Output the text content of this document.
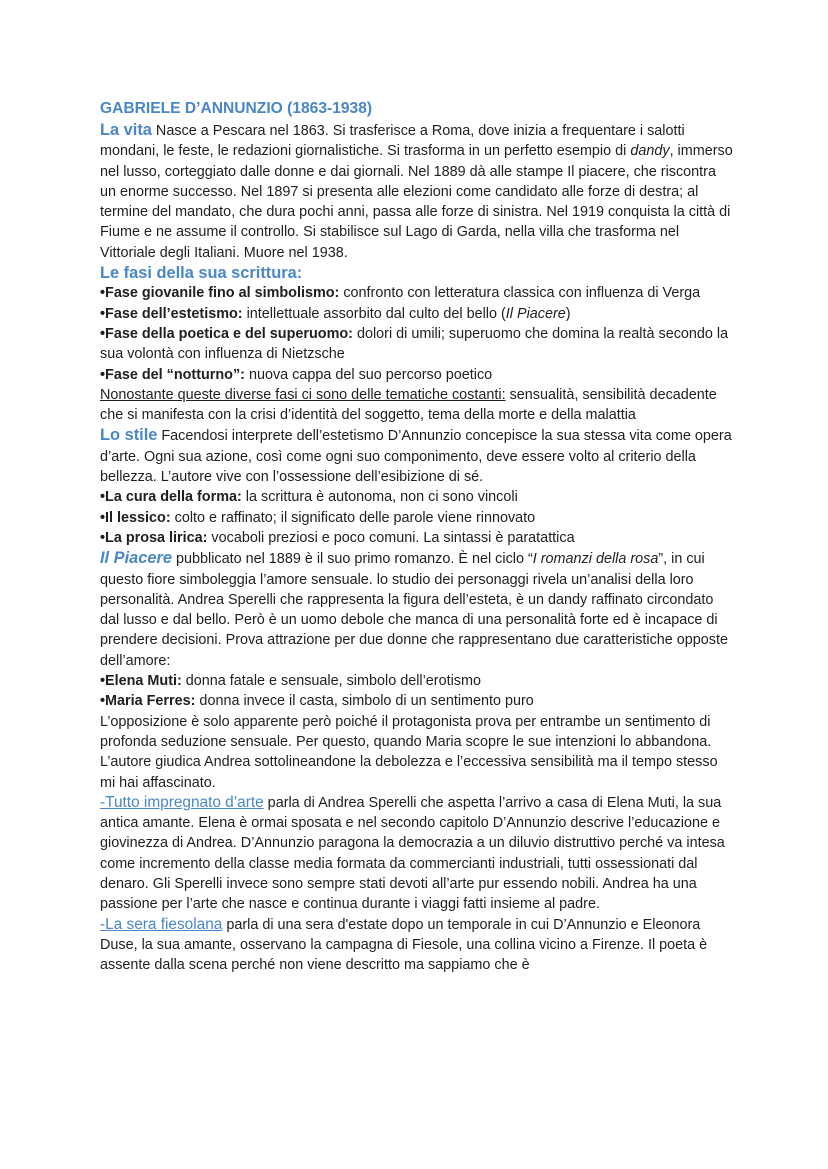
GABRIELE D’ANNUNZIO (1863-1938)

La vita Nasce a Pescara nel 1863. Si trasferisce a Roma, dove inizia a frequentare i salotti mondani, le feste, le redazioni giornalistiche. Si trasforma in un perfetto esempio di dandy, immerso nel lusso, corteggiato dalle donne e dai giornali. Nel 1889 dà alle stampe Il piacere, che riscontra un enorme successo. Nel 1897 si presenta alle elezioni come candidato alle forze di destra; al termine del mandato, che dura pochi anni, passa alle forze di sinistra. Nel 1919 conquista la città di Fiume e ne assume il controllo. Si stabilisce sul Lago di Garda, nella villa che trasforma nel Vittoriale degli Italiani. Muore nel 1938.

Le fasi della sua scrittura:

•Fase giovanile fino al simbolismo: confronto con letteratura classica con influenza di Verga

•Fase dell’estetismo: intellettuale assorbito dal culto del bello (Il Piacere)

•Fase della poetica e del superuomo: dolori di umili; superuomo che domina la realtà secondo la sua volontà con influenza di Nietzsche

•Fase del “notturno”: nuova cappa del suo percorso poetico

Nonostante queste diverse fasi ci sono delle tematiche costanti: sensualità, sensibilità decadente che si manifesta con la crisi d’identità del soggetto, tema della morte e della malattia

Lo stile Facendosi interprete dell’estetismo D’Annunzio concepisce la sua stessa vita come opera d’arte. Ogni sua azione, così come ogni suo componimento, deve essere volto al criterio della bellezza. L’autore vive con l’ossessione dell’esibizione di sé.

•La cura della forma: la scrittura è autonoma, non ci sono vincoli

•Il lessico: colto e raffinato; il significato delle parole viene rinnovato

•La prosa lirica: vocaboli preziosi e poco comuni. La sintassi è paratattica

Il Piacere pubblicato nel 1889 è il suo primo romanzo. È nel ciclo “I romanzi della rosa”, in cui questo fiore simboleggia l’amore sensuale. lo studio dei personaggi rivela un’analisi della loro personalità. Andrea Sperelli che rappresenta la figura dell’esteta, è un dandy raffinato circondato dal lusso e dal bello. Però è un uomo debole che manca di una personalità forte ed è incapace di prendere decisioni. Prova attrazione per due donne che rappresentano due caratteristiche opposte dell’amore:

•Elena Muti: donna fatale e sensuale, simbolo dell’erotismo

•Maria Ferres: donna invece il casta, simbolo di un sentimento puro

L’opposizione è solo apparente però poiché il protagonista prova per entrambe un sentimento di profonda seduzione sensuale. Per questo, quando Maria scopre le sue intenzioni lo abbandona.

L’autore giudica Andrea sottolineandone la debolezza e l’eccessiva sensibilità ma il tempo stesso mi hai affascinato.

-Tutto impregnato d’arte parla di Andrea Sperelli che aspetta l’arrivo a casa di Elena Muti, la sua antica amante. Elena è ormai sposata e nel secondo capitolo D’Annunzio descrive l’educazione e giovinezza di Andrea. D’Annunzio paragona la democrazia a un diluvio distruttivo perché va intesa come incremento della classe media formata da commercianti industriali, tutti ossessionati dal denaro. Gli Sperelli invece sono sempre stati devoti all’arte pur essendo nobili. Andrea ha una passione per l’arte che nasce e continua durante i viaggi fatti insieme al padre.

-La sera fiesolana parla di una sera d'estate dopo un temporale in cui D’Annunzio e Eleonora Duse, la sua amante, osservano la campagna di Fiesole, una collina vicino a Firenze. Il poeta è assente dalla scena perché non viene descritto ma sappiamo che è
